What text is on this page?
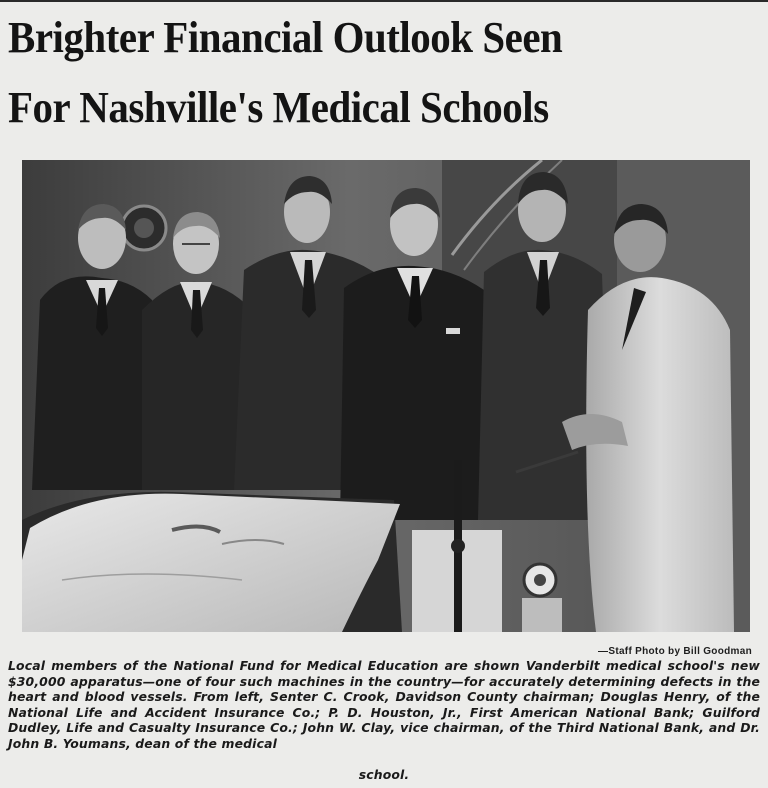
Brighter Financial Outlook Seen
For Nashville's Medical Schools
—Staff Photo by Bill Goodman

Local members of the National Fund for Medical Education are shown Vanderbilt medical school's new $30,000 apparatus—one of four such machines in the country—for accurately determining defects in the heart and blood vessels. From left, Senter C. Crook, Davidson County chairman; Douglas Henry, of the National Life and Accident Insurance Co.; P. D. Houston, Jr., First American National Bank; Guilford Dudley, Life and Casualty Insurance Co.; John W. Clay, vice chairman, of the Third National Bank, and Dr. John B. Youmans, dean of the medical

school.
